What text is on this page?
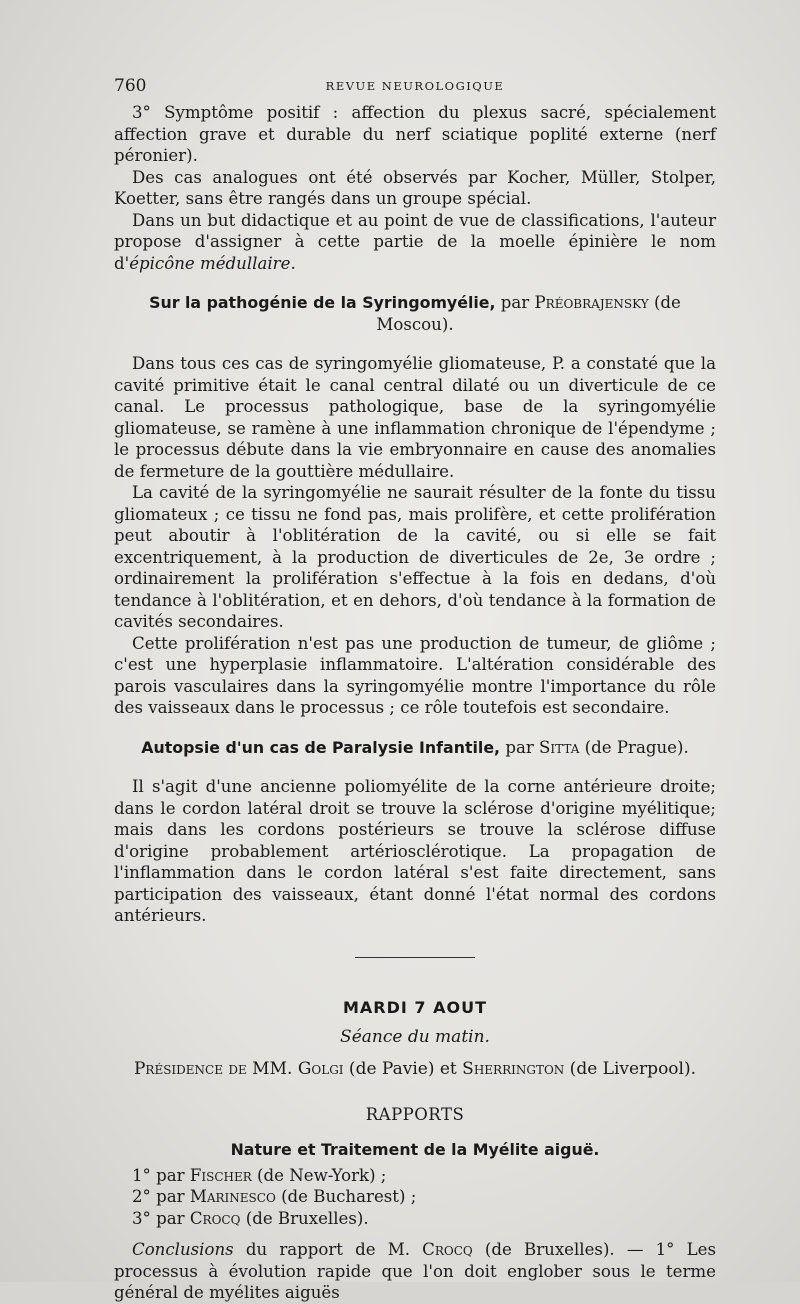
760	REVUE NEUROLOGIQUE

3° Symptôme positif : affection du plexus sacré, spécialement affection grave et durable du nerf sciatique poplité externe (nerf péronier).

Des cas analogues ont été observés par Kocher, Müller, Stolper, Koetter, sans être rangés dans un groupe spécial.

Dans un but didactique et au point de vue de classifications, l'auteur propose d'assigner à cette partie de la moelle épinière le nom d'épicône médullaire.

Sur la pathogénie de la Syringomyélie, par Préobrajensky (de Moscou).

Dans tous ces cas de syringomyélie gliomateuse, P. a constaté que la cavité primitive était le canal central dilaté ou un diverticule de ce canal. Le processus pathologique, base de la syringomyélie gliomateuse, se ramène à une inflammation chronique de l'épendyme ; le processus débute dans la vie embryonnaire en cause des anomalies de fermeture de la gouttière médullaire.

La cavité de la syringomyélie ne saurait résulter de la fonte du tissu gliomateux ; ce tissu ne fond pas, mais prolifère, et cette prolifération peut aboutir à l'oblitération de la cavité, ou si elle se fait excentriquement, à la production de diverticules de 2e, 3e ordre ; ordinairement la prolifération s'effectue à la fois en dedans, d'où tendance à l'oblitération, et en dehors, d'où tendance à la formation de cavités secondaires.

Cette prolifération n'est pas une production de tumeur, de gliôme ; c'est une hyperplasie inflammatoire. L'altération considérable des parois vasculaires dans la syringomyélie montre l'importance du rôle des vaisseaux dans le processus ; ce rôle toutefois est secondaire.

Autopsie d'un cas de Paralysie Infantile, par Sitta (de Prague).

Il s'agit d'une ancienne poliomyélite de la corne antérieure droite; dans le cordon latéral droit se trouve la sclérose d'origine myélitique; mais dans les cordons postérieurs se trouve la sclérose diffuse d'origine probablement artériosclérotique. La propagation de l'inflammation dans le cordon latéral s'est faite directement, sans participation des vaisseaux, étant donné l'état normal des cordons antérieurs.

MARDI 7 AOUT
Séance du matin.
Présidence de MM. Golgi (de Pavie) et Sherrington (de Liverpool).
RAPPORTS
Nature et Traitement de la Myélite aiguë.
1° par Fischer (de New-York) ;
2° par Marinesco (de Bucharest) ;
3° par Crocq (de Bruxelles).

Conclusions du rapport de M. Crocq (de Bruxelles). — 1° Les processus à évolution rapide que l'on doit englober sous le terme général de myélites aiguës
